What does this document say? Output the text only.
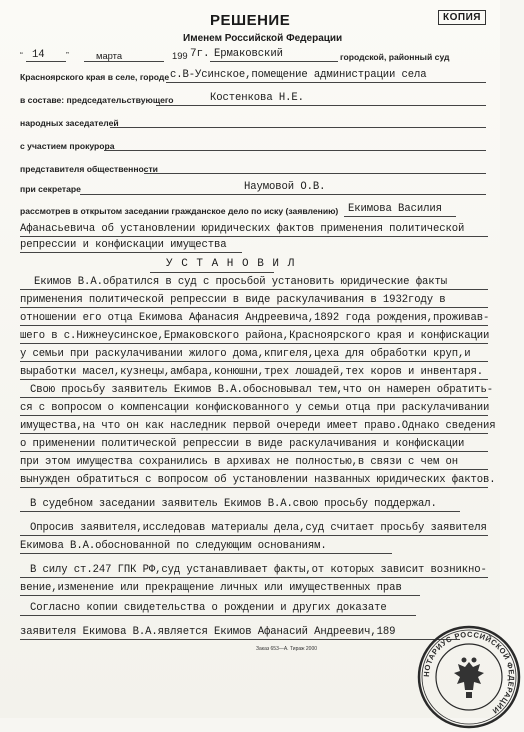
РЕШЕНИЕ	КОПИЯ
Именем Российской Федерации
“ 14 ”	марта	199 7г. Ермаковский	городской, районный суд
Красноярского края в селе, городе с.В-Усинское,помещение администрации села
в составе: председательствующего	Костенкова Н.Е.
народных заседателей
с участием прокурора
представителя общественности
при секретаре	Наумовой О.В.
рассмотрев в открытом заседании гражданское дело по иску (заявлению) Екимова Василия
Афанасьевича об установлении юридических фактов применения политической
репрессии и конфискации имущества
У С Т А Н О В И Л
Екимов В.А.обратился в суд с просьбой установить юридические факты
применения политической репрессии в виде раскулачивания в 1932году в
отношении его отца Екимова Афанасия Андреевича,1892 года рождения,проживав-
шего в с.Нижнеусинское,Ермаковского района,Красноярского края и конфискации
у семьи при раскулачивании жилого дома,кпигеля,цеха для обработки круп,и
выработки масел,кузнецы,амбара,конюшни,трех лошадей,тех коров и инвентаря.
Свою просьбу заявитель Екимов В.А.обосновывал тем,что он намерен обратить-
ся с вопросом о компенсации конфискованного у семьи отца при раскулачивании
имущества,на что он как наследник первой очереди имеет право.Однако сведения
о применении политической репрессии в виде раскулачивания и конфискации
при этом имущества сохранились в архивах не полностью,в связи с чем он
вынужден обратиться с вопросом об установлении названных юридических фактов.
В судебном заседании заявитель Екимов В.А.свою просьбу поддержал.
Опросив заявителя,исследовав материалы дела,суд считает просьбу заявителя
Екимова В.А.обоснованной по следующим основаниям.
В силу ст.247 ГПК РФ,суд устанавливает факты,от которых зависит возникно-
вение,изменение или прекращение личных или имущественных прав
Согласно копии свидетельства о рождении и других доказате
заявителя Екимова В.А.является Екимов Афанасий Андреевич,189
Заказ 653—А. Тираж 2000
НОТАРИУС РОССИЙСКОЙ ФЕДЕРАЦИИ
